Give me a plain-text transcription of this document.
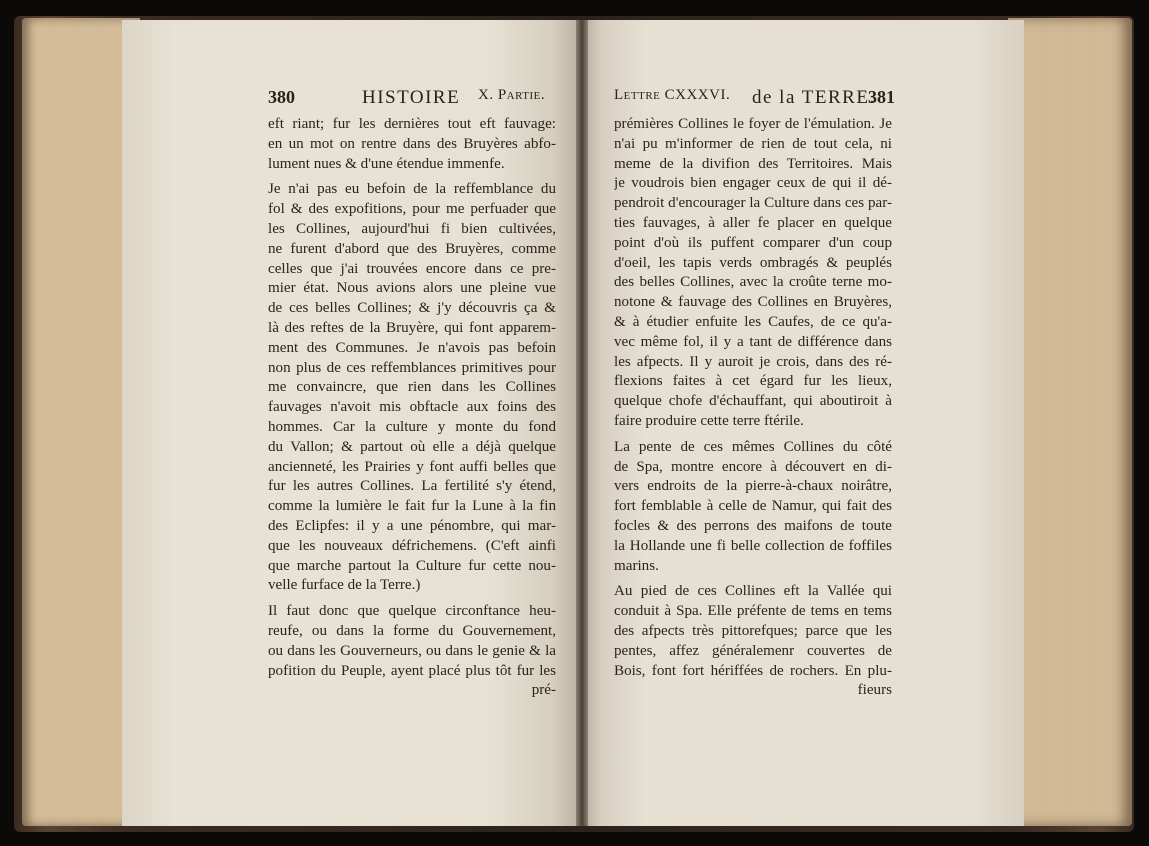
380	HISTOIRE X. Partie.	Lettre CXXXVI. de la TERRE.
381
eft riant; fur les dernières tout eft fauvage:
en un mot on rentre dans des Bruyères abfo-
lument nues & d'une étendue immenfe.
Je n'ai pas eu befoin de la reffemblance du
fol & des expofitions, pour me perfuader que
les Collines, aujourd'hui fi bien cultivées,
ne furent d'abord que des Bruyères, comme
celles que j'ai trouvées encore dans ce pre-
mier état. Nous avions alors une pleine vue
de ces belles Collines; & j'y découvris ça &
là des reftes de la Bruyère, qui font apparem-
ment des Communes. Je n'avois pas befoin
non plus de ces reffemblances primitives pour
me convaincre, que rien dans les Collines
fauvages n'avoit mis obftacle aux foins des
hommes. Car la culture y monte du fond
du Vallon; & partout où elle a déjà quelque
ancienneté, les Prairies y font auffi belles que
fur les autres Collines. La fertilité s'y étend,
comme la lumière le fait fur la Lune à la fin
des Eclipfes: il y a une pénombre, qui mar-
que les nouveaux défrichemens. (C'eft ainfi
que marche partout la Culture fur cette nou-
velle furface de la Terre.)
Il faut donc que quelque circonftance heu-
reufe, ou dans la forme du Gouvernement,
ou dans les Gouverneurs, ou dans le genie & la
pofition du Peuple, ayent placé plus tôt fur les
pré-
prémières Collines le foyer de l'émulation. Je
n'ai pu m'informer de rien de tout cela, ni
meme de la divifion des Territoires. Mais
je voudrois bien engager ceux de qui il dé-
pendroit d'encourager la Culture dans ces par-
ties fauvages, à aller fe placer en quelque
point d'où ils puffent comparer d'un coup
d'oeil, les tapis verds ombragés & peuplés
des belles Collines, avec la croûte terne mo-
notone & fauvage des Collines en Bruyères,
& à étudier enfuite les Caufes, de ce qu'a-
vec même fol, il y a tant de différence dans
les afpects. Il y auroit je crois, dans des ré-
flexions faites à cet égard fur les lieux,
quelque chofe d'échauffant, qui aboutiroit à
faire produire cette terre ftérile.
La pente de ces mêmes Collines du côté
de Spa, montre encore à découvert en di-
vers endroits de la pierre-à-chaux noirâtre,
fort femblable à celle de Namur, qui fait des
focles & des perrons des maifons de toute
la Hollande une fi belle collection de foffiles
marins.
Au pied de ces Collines eft la Vallée qui
conduit à Spa. Elle préfente de tems en tems
des afpects très pittorefques; parce que les
pentes, affez généralemenr couvertes de
Bois, font fort hériffées de rochers. En plu-
fieurs
